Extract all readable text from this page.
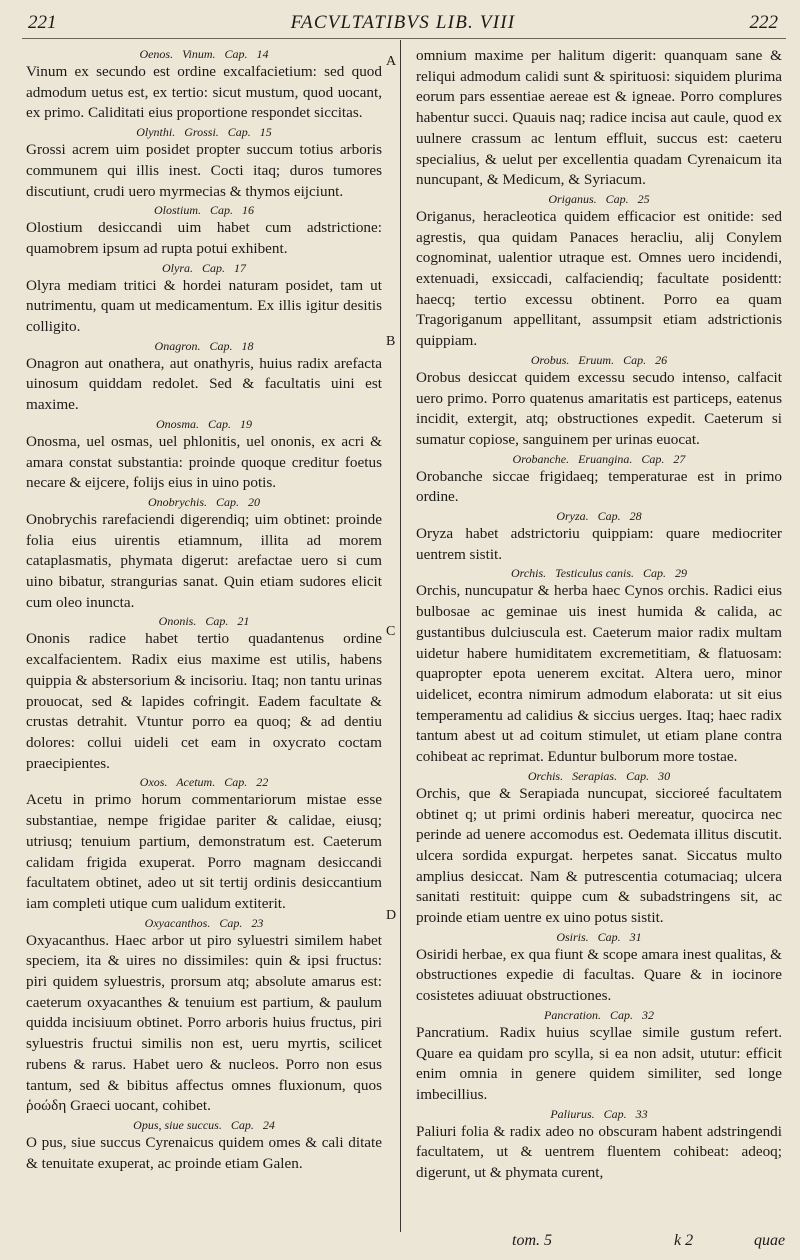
221	FACVLTATIBVS LIB. VIII	222
Oenos.   Vinum.   Cap.   14

Vinum ex secundo est ordine excalfacietium: sed quod admodum uetus est, ex tertio: sicut mustum, quod uocant, ex primo. Caliditati eius proportione respondet siccitas.

Olynthi.   Grossi.   Cap.   15

Grossi acrem uim posidet propter succum totius arboris communem qui illis inest. Cocti itaq; duros tumores discutiunt, crudi uero myrmecias & thymos eijciunt.

Olostium.   Cap.   16

Olostium desiccandi uim habet cum adstrictione: quamobrem ipsum ad rupta potui exhibent.

Olyra.   Cap.   17

Olyra mediam tritici & hordei naturam posidet, tam ut nutrimentu, quam ut medicamentum. Ex illis igitur desitis colligito.

Onagron.   Cap.   18

Onagron aut onathera, aut onathyris, huius radix arefacta uinosum quiddam redolet. Sed & facultatis uini est maxime.

Onosma.   Cap.   19

Onosma, uel osmas, uel phlonitis, uel ononis, ex acri & amara constat substantia: proinde quoque creditur foetus necare & eijcere, folijs eius in uino potis.

Onobrychis.   Cap.   20

Onobrychis rarefaciendi digerendiq; uim obtinet: proinde folia eius uirentis etiamnum, illita ad morem cataplasmatis, phymata digerut: arefactae uero si cum uino bibatur, strangurias sanat. Quin etiam sudores elicit cum oleo inuncta.

Ononis.   Cap.   21

Ononis radice habet tertio quadantenus ordine excalfacientem. Radix eius maxime est utilis, habens quippia & abstersorium & incisoriu. Itaq; non tantu urinas prouocat, sed & lapides cofringit. Eadem facultate & crustas detrahit. Vtuntur porro ea quoq; & ad dentiu dolores: collui uideli cet eam in oxycrato coctam praecipientes.

Oxos.   Acetum.   Cap.   22

Acetu in primo horum commentariorum mistae esse substantiae, nempe frigidae pariter & calidae, eiusq; utriusq; tenuium partium, demonstratum est. Caeterum calidam frigida exuperat. Porro magnam desiccandi facultatem obtinet, adeo ut sit tertij ordinis desiccantium iam completi utique cum ualidum extiterit.

Oxyacanthos.   Cap.   23

Oxyacanthus. Haec arbor ut piro syluestri similem habet speciem, ita & uires no dissimiles: quin & ipsi fructus: piri quidem syluestris, prorsum atq; absolute amarus est: caeterum oxyacanthes & tenuium est partium, & paulum quidda incisiuum obtinet. Porro arboris huius fructus, piri syluestris fructui similis non est, ueru myrtis, scilicet rubens & rarus. Habet uero & nucleos. Porro non esus tantum, sed & bibitus affectus omnes fluxionum, quos ῥοώδη Graeci uocant, cohibet.

Opus, siue succus.   Cap.   24

O pus, siue succus Cyrenaicus quidem omes & cali ditate & tenuitate exuperat, ac proinde etiam Galen.

omnium maxime per halitum digerit: quanquam sane & reliqui admodum calidi sunt & spirituosi: siquidem plurima eorum pars essentiae aereae est & igneae. Porro complures habentur succi. Quauis naq; radice incisa aut caule, quod ex uulnere crassum ac lentum effluit, succus est: caeteru specialius, & uelut per excellentia quadam Cyrenaicum ita nuncupant, & Medicum, & Syriacum.

Origanus.   Cap.   25

Origanus, heracleotica quidem efficacior est onitide: sed agrestis, qua quidam Panaces heracliu, alij Conylem cognominat, ualentior utraque est. Omnes uero incidendi, extenuadi, exsiccadi, calfaciendiq; facultate posidentt: haecq; tertio excessu obtinent. Porro ea quam Tragoriganum appellitant, assumpsit etiam adstrictionis quippiam.

Orobus.   Eruum.   Cap.   26

Orobus desiccat quidem excessu secudo intenso, calfacit uero primo. Porro quatenus amaritatis est particeps, eatenus incidit, extergit, atq; obstructiones expedit. Caeterum si sumatur copiose, sanguinem per urinas euocat.

Orobanche.   Eruangina.   Cap.   27

Orobanche siccae frigidaeq; temperaturae est in primo ordine.

Oryza.   Cap.   28

Oryza habet adstrictoriu quippiam: quare mediocriter uentrem sistit.

Orchis.   Testiculus canis.   Cap.   29

Orchis, nuncupatur & herba haec Cynos orchis. Radici eius bulbosae ac geminae uis inest humida & calida, ac gustantibus dulciuscula est. Caeterum maior radix multam uidetur habere humiditatem excremetitiam, & flatuosam: quapropter epota uenerem excitat. Altera uero, minor uidelicet, econtra nimirum admodum elaborata: ut sit eius temperamentu ad calidius & siccius uerges. Itaq; haec radix tantum abest ut ad coitum stimulet, ut etiam plane contra cohibeat ac reprimat. Eduntur bulborum more tostae.

Orchis.   Serapias.   Cap.   30

Orchis, que & Serapiada nuncupat, siccioreé facultatem obtinet q; ut primi ordinis haberi mereatur, quocirca nec perinde ad uenere accomodus est. Oedemata illitus discutit. ulcera sordida expurgat. herpetes sanat. Siccatus multo amplius desiccat. Nam & putrescentia cotumaciaq; ulcera sanitati restituit: quippe cum & subadstringens sit, ac proinde etiam uentre ex uino potus sistit.

Osiris.   Cap.   31

Osiridi herbae, ex qua fiunt & scope amara inest qualitas, & obstructiones expedie di facultas. Quare & in iocinore cosistetes adiuuat obstructiones.

Pancration.   Cap.   32

Pancratium. Radix huius scyllae simile gustum refert. Quare ea quidam pro scylla, si ea non adsit, ututur: efficit enim omnia in genere quidem similiter, sed longe imbecillius.

Paliurus.   Cap.   33

Paliuri folia & radix adeo no obscuram habent adstringendi facultatem, ut & uentrem fluentem cohibeat: adeoq; digerunt, ut & phymata curent,

A
B
C
D
tom. 5	k 2	quae
